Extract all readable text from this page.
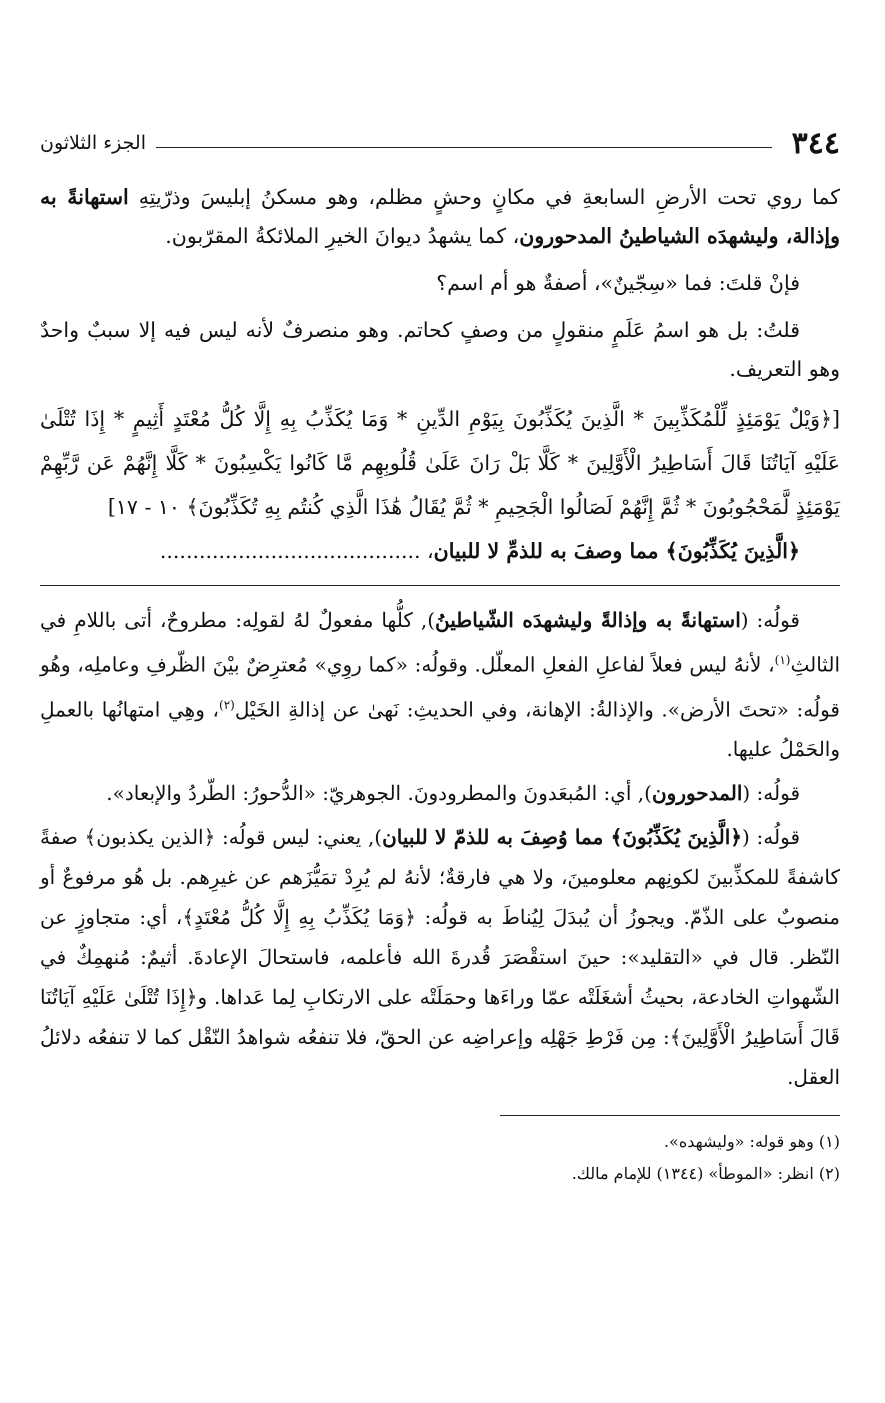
٣٤٤
الجزء الثلاثون

كما روي تحت الأرضِ السابعةِ في مكانٍ وحشٍ مظلم، وهو مسكنُ إبليسَ وذرّيتِهِ استهانةً به وإذالة، وليشهدَه الشياطينُ المدحورون، كما يشهدُ ديوانَ الخيرِ الملائكةُ المقرّبون.

فإنْ قلتَ: فما «سِجّينٌ»، أصفةٌ هو أم اسم؟

قلتُ: بل هو اسمُ عَلَمٍ منقولٍ من وصفٍ كحاتم. وهو منصرفٌ لأنه ليس فيه إلا سببٌ واحدٌ وهو التعريف.

[﴿وَيْلٌ يَوْمَئِذٍ لِّلْمُكَذِّبِينَ * الَّذِينَ يُكَذِّبُونَ بِيَوْمِ الدِّينِ * وَمَا يُكَذِّبُ بِهِ إِلَّا كُلُّ مُعْتَدٍ أَثِيمٍ * إِذَا تُتْلَىٰ عَلَيْهِ آيَاتُنَا قَالَ أَسَاطِيرُ الْأَوَّلِينَ * كَلَّا بَلْ رَانَ عَلَىٰ قُلُوبِهِم مَّا كَانُوا يَكْسِبُونَ * كَلَّا إِنَّهُمْ عَن رَّبِّهِمْ يَوْمَئِذٍ لَّمَحْجُوبُونَ * ثُمَّ إِنَّهُمْ لَصَالُوا الْجَحِيمِ * ثُمَّ يُقَالُ هَٰذَا الَّذِي كُنتُم بِهِ تُكَذِّبُونَ﴾ ١٠ - ١٧]

﴿الَّذِينَ يُكَذِّبُونَ﴾ مما وصفَ به للذمِّ لا للبيان، ........................................

قولُه: (استهانةً به وإذالةً وليشهدَه الشّياطينُ), كلُّها مفعولٌ لهُ لقولِه: مطروحٌ، أتى باللامِ في الثالثِ$^{(١)}$، لأنهُ ليس فعلاً لفاعلِ الفعلِ المعلّل. وقولُه: «كما روِي» مُعترِضٌ بيْنَ الظّرفِ وعاملِه، وهُو قولُه: «تحتَ الأرض». والإذالةُ: الإهانة، وفي الحديثِ: نَهىٰ عن إذالةِ الخَيْل$^{(٢)}$، وهِي امتهانُها بالعملِ والحَمْلُ عليها.

قولُه: (المدحورون), أي: المُبعَدونَ والمطرودونَ. الجوهريّ: «الدُّحورُ: الطّردُ والإبعاد».

قولُه: (﴿الَّذِينَ يُكَذِّبُونَ﴾ مما وُصِفَ به للذمّ لا للبيان), يعني: ليس قولُه: ﴿الذين يكذبون﴾ صفةً كاشفةً للمكذِّبينَ لكونِهم معلومينَ، ولا هي فارقةٌ؛ لأنهُ لم يُرِدْ تمَيُّزَهم عن غيرِهم. بل هُو مرفوعٌ أو منصوبٌ على الذّمّ. ويجوزُ أن يُبدَلَ لِيُناطَ به قولُه: ﴿وَمَا يُكَذِّبُ بِهِ إِلَّا كُلُّ مُعْتَدٍ﴾، أي: متجاوزٍ عن النّظر. قال في «التقليد»: حينَ استقْصَرَ قُدرةَ الله فأعلمه، فاستحالَ الإعادةَ. أثيمٌ: مُنهمِكٌ في الشّهواتِ الخادعة، بحيثُ أشغَلَتْه عمّا وراءَها وحمَلَتْه على الارتكابِ لِما عَداها. و﴿إِذَا تُتْلَىٰ عَلَيْهِ آيَاتُنَا قَالَ أَسَاطِيرُ الْأَوَّلِينَ﴾: مِن فَرْطِ جَهْلِه وإعراضِه عن الحقّ، فلا تنفعُه شواهدُ النّقْل كما لا تنفعُه دلائلُ العقل.

(١) وهو قوله: «وليشهده».

(٢) انظر: «الموطأ» (١٣٤٤) للإمام مالك.
